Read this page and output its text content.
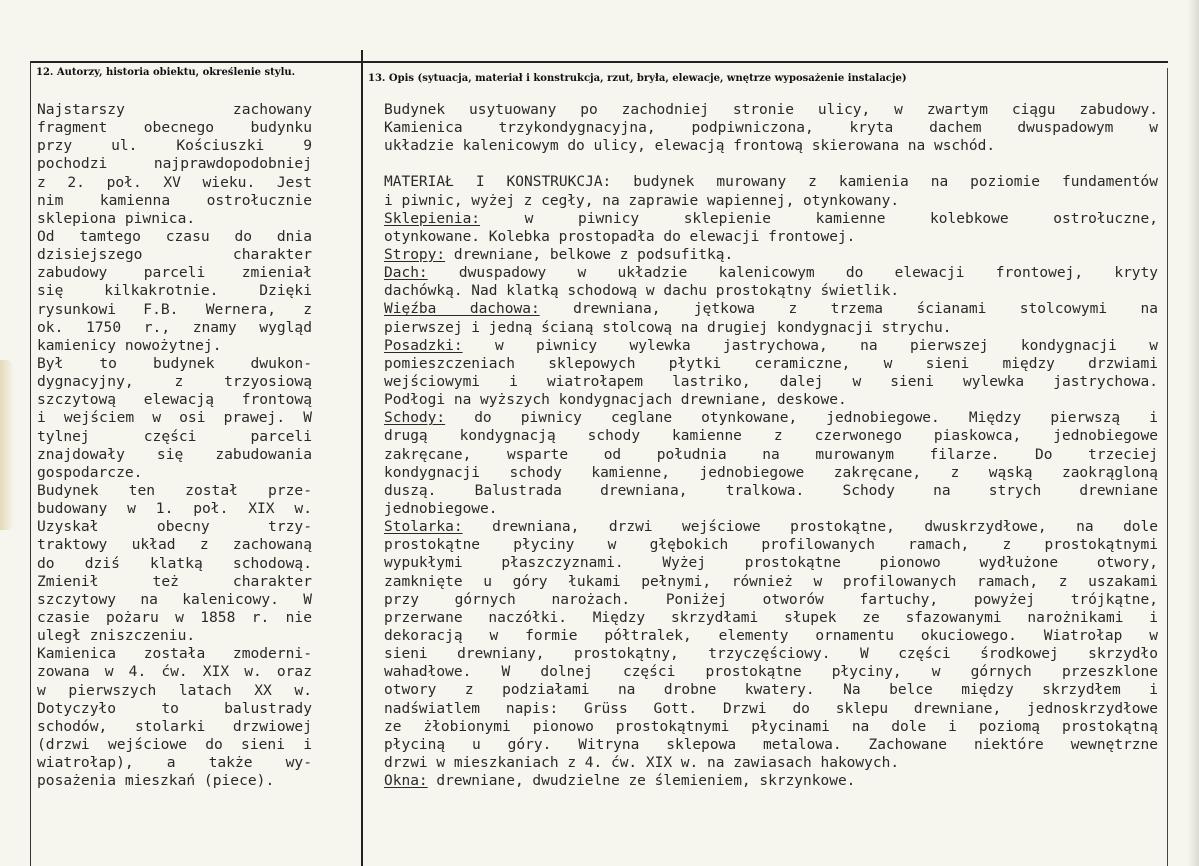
12. Autorzy, historia obiektu, określenie stylu.
13. Opis (sytuacja, materiał i konstrukcja, rzut, bryła, elewacje, wnętrze wyposażenie instalacje)
Najstarszy zachowany
fragment obecnego budynku
przy ul. Kościuszki 9
pochodzi najprawdopodobniej
z 2. poł. XV wieku. Jest
nim kamienna ostrołucznie
sklepiona piwnica.
Od tamtego czasu do dnia
dzisiejszego charakter
zabudowy parceli zmieniał
się kilkakrotnie. Dzięki
rysunkowi F.B. Wernera, z
ok. 1750 r., znamy wygląd
kamienicy nowożytnej.
Był to budynek dwukon-
dygnacyjny, z trzyosiową
szczytową elewacją frontową
i wejściem w osi prawej. W
tylnej części parceli
znajdowały się zabudowania
gospodarcze.
Budynek ten został prze-
budowany w 1. poł. XIX w.
Uzyskał obecny trzy-
traktowy układ z zachowaną
do dziś klatką schodową.
Zmienił też charakter
szczytowy na kalenicowy. W
czasie pożaru w 1858 r. nie
uległ zniszczeniu.
Kamienica została zmoderni-
zowana w 4. ćw. XIX w. oraz
w pierwszych latach XX w.
Dotyczyło to balustrady
schodów, stolarki drzwiowej
(drzwi wejściowe do sieni i
wiatrołap), a także wy-
posażenia mieszkań (piece).
Budynek usytuowany po zachodniej stronie ulicy, w zwartym ciągu zabudowy.
Kamienica trzykondygnacyjna, podpiwniczona, kryta dachem dwuspadowym w
układzie kalenicowym do ulicy, elewacją frontową skierowana na wschód.
MATERIAŁ I KONSTRUKCJA: budynek murowany z kamienia na poziomie fundamentów
i piwnic, wyżej z cegły, na zaprawie wapiennej, otynkowany.
Sklepienia: w piwnicy sklepienie kamienne kolebkowe ostrołuczne,
otynkowane. Kolebka prostopadła do elewacji frontowej.
Stropy: drewniane, belkowe z podsufitką.
Dach: dwuspadowy w układzie kalenicowym do elewacji frontowej, kryty
dachówką. Nad klatką schodową w dachu prostokątny świetlik.
Więźba dachowa: drewniana, jętkowa z trzema ścianami stolcowymi na
pierwszej i jedną ścianą stolcową na drugiej kondygnacji strychu.
Posadzki: w piwnicy wylewka jastrychowa, na pierwszej kondygnacji w
pomieszczeniach sklepowych płytki ceramiczne, w sieni między drzwiami
wejściowymi i wiatrołapem lastriko, dalej w sieni wylewka jastrychowa.
Podłogi na wyższych kondygnacjach drewniane, deskowe.
Schody: do piwnicy ceglane otynkowane, jednobiegowe. Między pierwszą i
drugą kondygnacją schody kamienne z czerwonego piaskowca, jednobiegowe
zakręcane, wsparte od południa na murowanym filarze. Do trzeciej
kondygnacji schody kamienne, jednobiegowe zakręcane, z wąską zaokrągloną
duszą. Balustrada drewniana, tralkowa. Schody na strych drewniane
jednobiegowe.
Stolarka: drewniana, drzwi wejściowe prostokątne, dwuskrzydłowe, na dole
prostokątne płyciny w głębokich profilowanych ramach, z prostokątnymi
wypukłymi płaszczyznami. Wyżej prostokątne pionowo wydłużone otwory,
zamknięte u góry łukami pełnymi, również w profilowanych ramach, z uszakami
przy górnych narożach. Poniżej otworów fartuchy, powyżej trójkątne,
przerwane naczółki. Między skrzydłami słupek ze sfazowanymi narożnikami i
dekoracją w formie półtralek, elementy ornamentu okuciowego. Wiatrołap w
sieni drewniany, prostokątny, trzyczęściowy. W części środkowej skrzydło
wahadłowe. W dolnej części prostokątne płyciny, w górnych przeszklone
otwory z podziałami na drobne kwatery. Na belce między skrzydłem i
nadświatlem napis: Grüss Gott. Drzwi do sklepu drewniane, jednoskrzydłowe
ze żłobionymi pionowo prostokątnymi płycinami na dole i poziomą prostokątną
płyciną u góry. Witryna sklepowa metalowa. Zachowane niektóre wewnętrzne
drzwi w mieszkaniach z 4. ćw. XIX w. na zawiasach hakowych.
Okna: drewniane, dwudzielne ze ślemieniem, skrzynkowe.
